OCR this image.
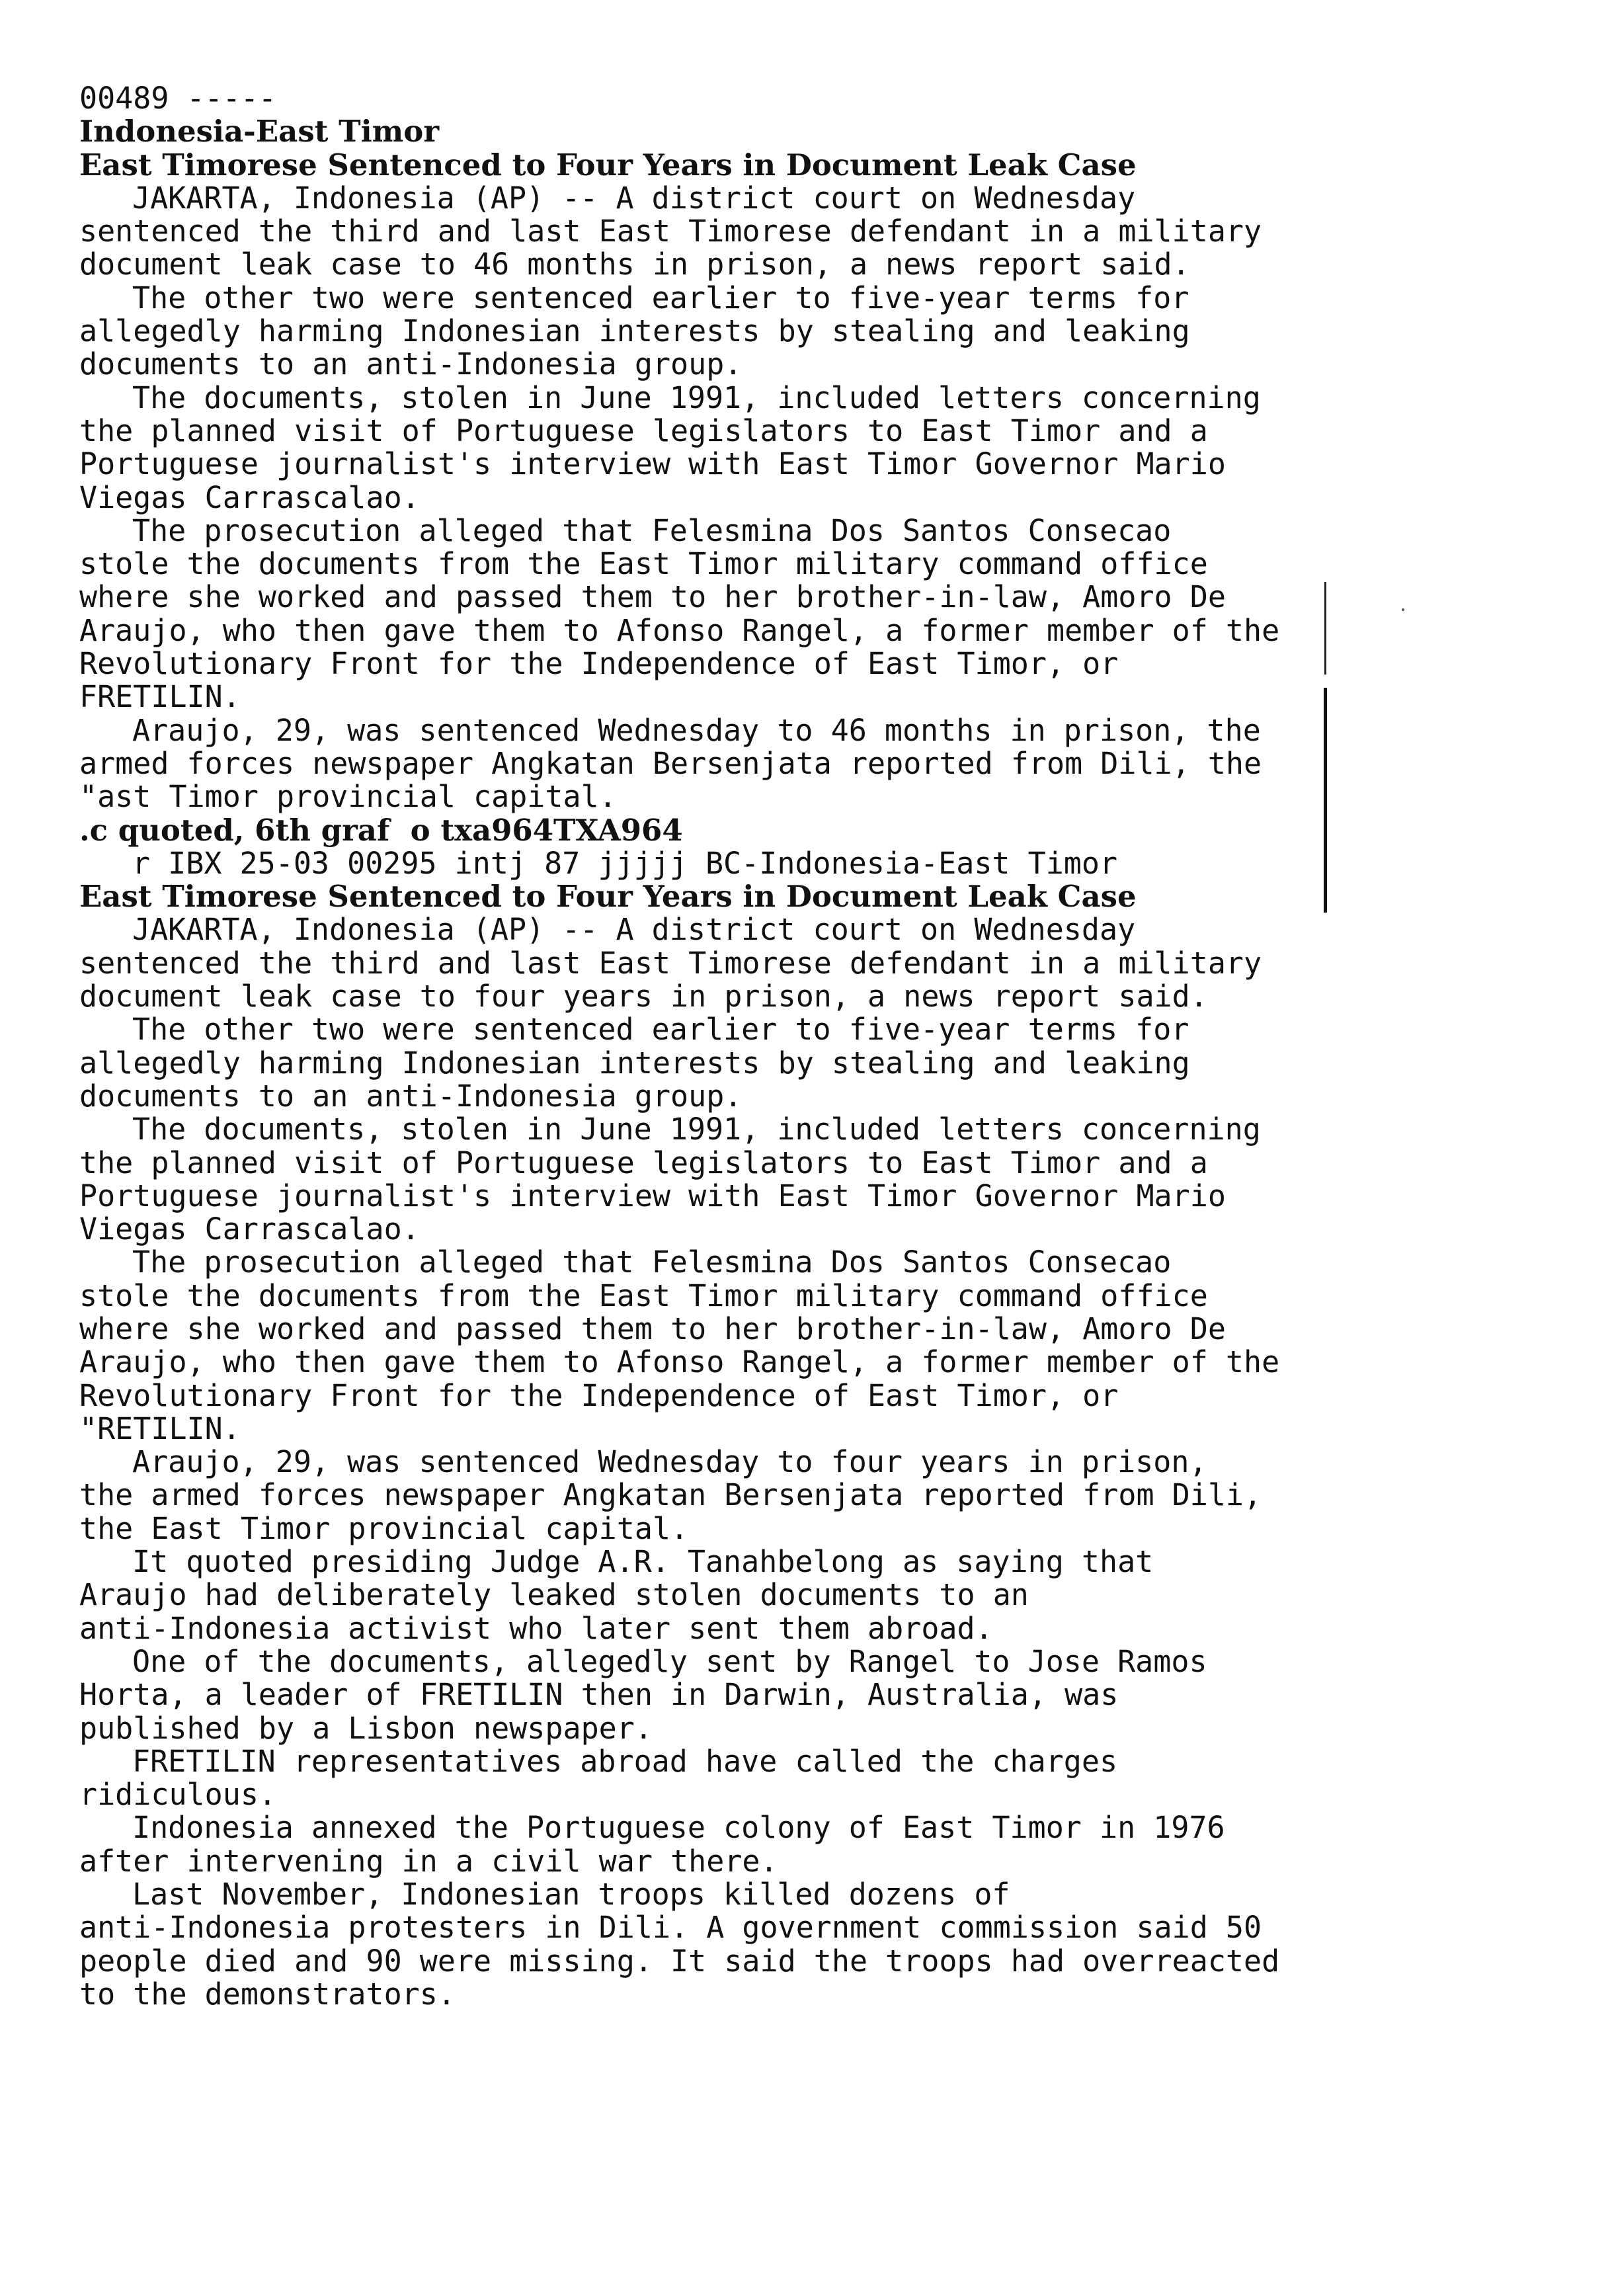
00489 -----
Indonesia-East Timor
East Timorese Sentenced to Four Years in Document Leak Case
JAKARTA, Indonesia (AP) -- A district court on Wednesday
sentenced the third and last East Timorese defendant in a military
document leak case to 46 months in prison, a news report said.
The other two were sentenced earlier to five-year terms for
allegedly harming Indonesian interests by stealing and leaking
documents to an anti-Indonesia group.
The documents, stolen in June 1991, included letters concerning
the planned visit of Portuguese legislators to East Timor and a
Portuguese journalist's interview with East Timor Governor Mario
Viegas Carrascalao.
The prosecution alleged that Felesmina Dos Santos Consecao
stole the documents from the East Timor military command office
where she worked and passed them to her brother-in-law, Amoro De
Araujo, who then gave them to Afonso Rangel, a former member of the
Revolutionary Front for the Independence of East Timor, or
FRETILIN.
Araujo, 29, was sentenced Wednesday to 46 months in prison, the
armed forces newspaper Angkatan Bersenjata reported from Dili, the
"ast Timor provincial capital.
.c quoted, 6th graf  o txa964TXA964
r IBX 25-03 00295 intj 87 jjjjj BC-Indonesia-East Timor
East Timorese Sentenced to Four Years in Document Leak Case
JAKARTA, Indonesia (AP) -- A district court on Wednesday
sentenced the third and last East Timorese defendant in a military
document leak case to four years in prison, a news report said.
The other two were sentenced earlier to five-year terms for
allegedly harming Indonesian interests by stealing and leaking
documents to an anti-Indonesia group.
The documents, stolen in June 1991, included letters concerning
the planned visit of Portuguese legislators to East Timor and a
Portuguese journalist's interview with East Timor Governor Mario
Viegas Carrascalao.
The prosecution alleged that Felesmina Dos Santos Consecao
stole the documents from the East Timor military command office
where she worked and passed them to her brother-in-law, Amoro De
Araujo, who then gave them to Afonso Rangel, a former member of the
Revolutionary Front for the Independence of East Timor, or
"RETILIN.
Araujo, 29, was sentenced Wednesday to four years in prison,
the armed forces newspaper Angkatan Bersenjata reported from Dili,
the East Timor provincial capital.
It quoted presiding Judge A.R. Tanahbelong as saying that
Araujo had deliberately leaked stolen documents to an
anti-Indonesia activist who later sent them abroad.
One of the documents, allegedly sent by Rangel to Jose Ramos
Horta, a leader of FRETILIN then in Darwin, Australia, was
published by a Lisbon newspaper.
FRETILIN representatives abroad have called the charges
ridiculous.
Indonesia annexed the Portuguese colony of East Timor in 1976
after intervening in a civil war there.
Last November, Indonesian troops killed dozens of
anti-Indonesia protesters in Dili. A government commission said 50
people died and 90 were missing. It said the troops had overreacted
to the demonstrators.
